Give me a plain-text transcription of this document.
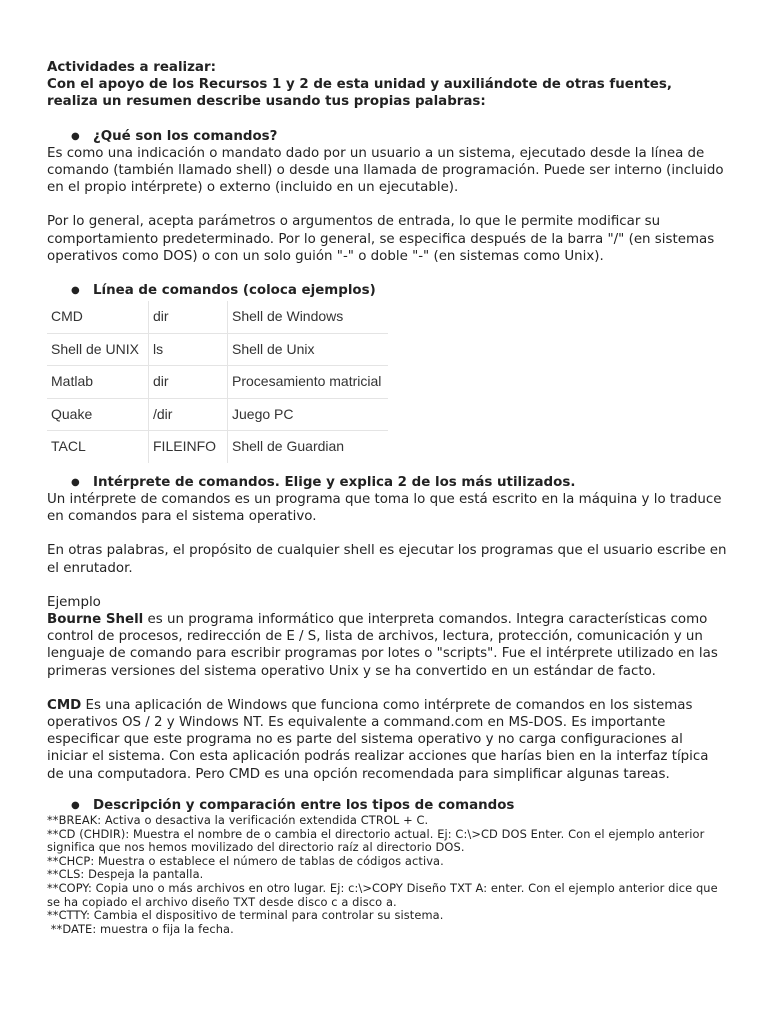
Actividades a realizar:

Con el apoyo de los Recursos 1 y 2 de esta unidad y auxiliándote de otras fuentes, realiza un resumen describe usando tus propias palabras:

● ¿Qué son los comandos?

Es como una indicación o mandato dado por un usuario a un sistema, ejecutado desde la línea de comando (también llamado shell) o desde una llamada de programación. Puede ser interno (incluido en el propio intérprete) o externo (incluido en un ejecutable).

Por lo general, acepta parámetros o argumentos de entrada, lo que le permite modificar su comportamiento predeterminado. Por lo general, se especifica después de la barra "/" (en sistemas operativos como DOS) o con un solo guión "-" o doble "-" (en sistemas como Unix).

● Línea de comandos (coloca ejemplos)

CMD	dir	Shell de Windows
Shell de UNIX	ls	Shell de Unix
Matlab	dir	Procesamiento matricial
Quake	/dir	Juego PC
TACL	FILEINFO	Shell de Guardian

● Intérprete de comandos. Elige y explica 2 de los más utilizados.

Un intérprete de comandos es un programa que toma lo que está escrito en la máquina y lo traduce en comandos para el sistema operativo.

En otras palabras, el propósito de cualquier shell es ejecutar los programas que el usuario escribe en el enrutador.

Ejemplo

Bourne Shell es un programa informático que interpreta comandos. Integra características como control de procesos, redirección de E / S, lista de archivos, lectura, protección, comunicación y un lenguaje de comando para escribir programas por lotes o "scripts". Fue el intérprete utilizado en las primeras versiones del sistema operativo Unix y se ha convertido en un estándar de facto.

CMD Es una aplicación de Windows que funciona como intérprete de comandos en los sistemas operativos OS / 2 y Windows NT. Es equivalente a command.com en MS-DOS. Es importante especificar que este programa no es parte del sistema operativo y no carga configuraciones al iniciar el sistema. Con esta aplicación podrás realizar acciones que harías bien en la interfaz típica de una computadora. Pero CMD es una opción recomendada para simplificar algunas tareas.

● Descripción y comparación entre los tipos de comandos

**BREAK: Activa o desactiva la verificación extendida CTROL + C.

**CD (CHDIR): Muestra el nombre de o cambia el directorio actual. Ej: C:\>CD DOS Enter. Con el ejemplo anterior significa que nos hemos movilizado del directorio raíz al directorio DOS.

**CHCP: Muestra o establece el número de tablas de códigos activa.

**CLS: Despeja la pantalla.

**COPY: Copia uno o más archivos en otro lugar. Ej: c:\>COPY Diseño TXT A: enter. Con el ejemplo anterior dice que se ha copiado el archivo diseño TXT desde disco c a disco a.

**CTTY: Cambia el dispositivo de terminal para controlar su sistema.

**DATE: muestra o fija la fecha.
